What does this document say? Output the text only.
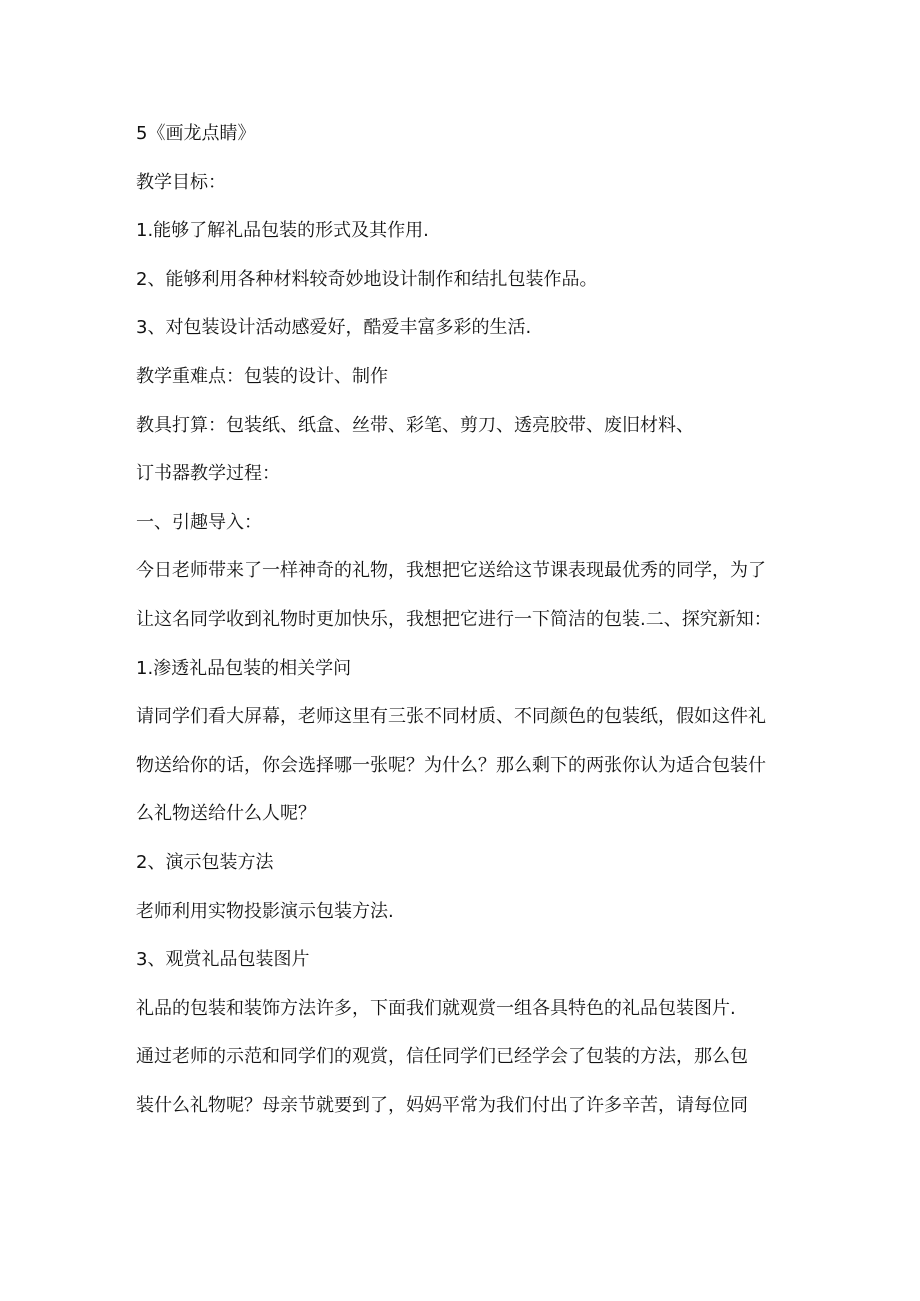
5《画龙点睛》

教学目标：

1.能够了解礼品包装的形式及其作用.

2、能够利用各种材料较奇妙地设计制作和结扎包装作品。

3、对包装设计活动感爱好，酷爱丰富多彩的生活.

教学重难点：包装的设计、制作

教具打算：包装纸、纸盒、丝带、彩笔、剪刀、透亮胶带、废旧材料、

订书器教学过程：

一、引趣导入：

今日老师带来了一样神奇的礼物，我想把它送给这节课表现最优秀的同学，为了

让这名同学收到礼物时更加快乐，我想把它进行一下简洁的包装.二、探究新知：

1.渗透礼品包装的相关学问

请同学们看大屏幕，老师这里有三张不同材质、不同颜色的包装纸，假如这件礼

物送给你的话，你会选择哪一张呢？为什么？那么剩下的两张你认为适合包装什

么礼物送给什么人呢？

2、演示包装方法

老师利用实物投影演示包装方法.

3、观赏礼品包装图片

礼品的包装和装饰方法许多，下面我们就观赏一组各具特色的礼品包装图片.

通过老师的示范和同学们的观赏，信任同学们已经学会了包装的方法，那么包

装什么礼物呢？母亲节就要到了，妈妈平常为我们付出了许多辛苦，请每位同
